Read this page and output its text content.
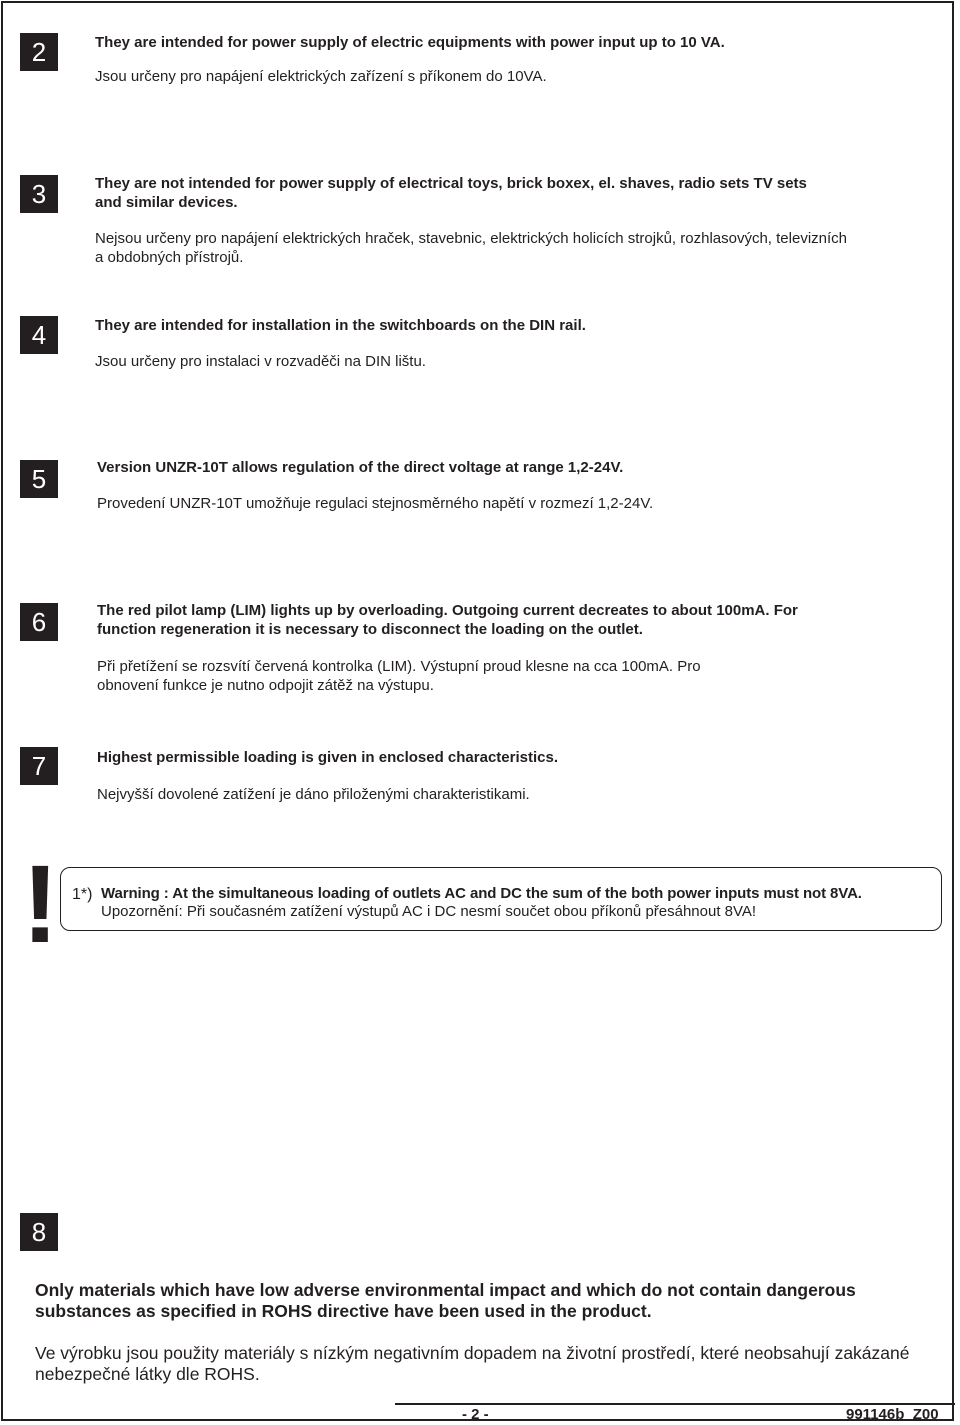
2	They are intended for power supply of electric equipments with power input up to 10 VA.

Jsou určeny pro napájení elektrických zařízení s příkonem do 10VA.

3	They are not intended for power supply of electrical toys, brick boxex, el. shaves, radio sets TV sets and similar devices.

Nejsou určeny pro napájení elektrických hraček, stavebnic, elektrických holicích strojků, rozhlasových, televizních a obdobných přístrojů.

4	They are intended for installation in the switchboards on the DIN rail.

Jsou určeny pro instalaci v rozvaděči na DIN lištu.

5	Version UNZR-10T allows regulation of the direct voltage at range 1,2-24V.

Provedení UNZR-10T umožňuje regulaci stejnosměrného napětí v rozmezí 1,2-24V.

6	The red pilot lamp (LIM) lights up by overloading. Outgoing current decreates to about 100mA. For function regeneration it is necessary to disconnect the loading on the outlet.

Při přetížení se rozsvítí červená kontrolka (LIM). Výstupní proud klesne na cca 100mA. Pro obnovení funkce je nutno odpojit zátěž na výstupu.

7	Highest permissible loading is given in enclosed characteristics.

Nejvyšší dovolené zatížení je dáno přiloženými charakteristikami.

! 1*) Warning : At the simultaneous loading of outlets AC and DC the sum of the both power inputs must not 8VA.

Upozornění: Při současném zatížení výstupů AC i DC nesmí součet obou příkonů přesáhnout 8VA!

8

Only materials which have low adverse environmental impact and which do not contain dangerous substances as specified in ROHS directive have been used in the product.

Ve výrobku jsou použity materiály s nízkým negativním dopadem na životní prostředí, které neobsahují zakázané nebezpečné látky dle ROHS.

- 2 -	991146b  Z00
